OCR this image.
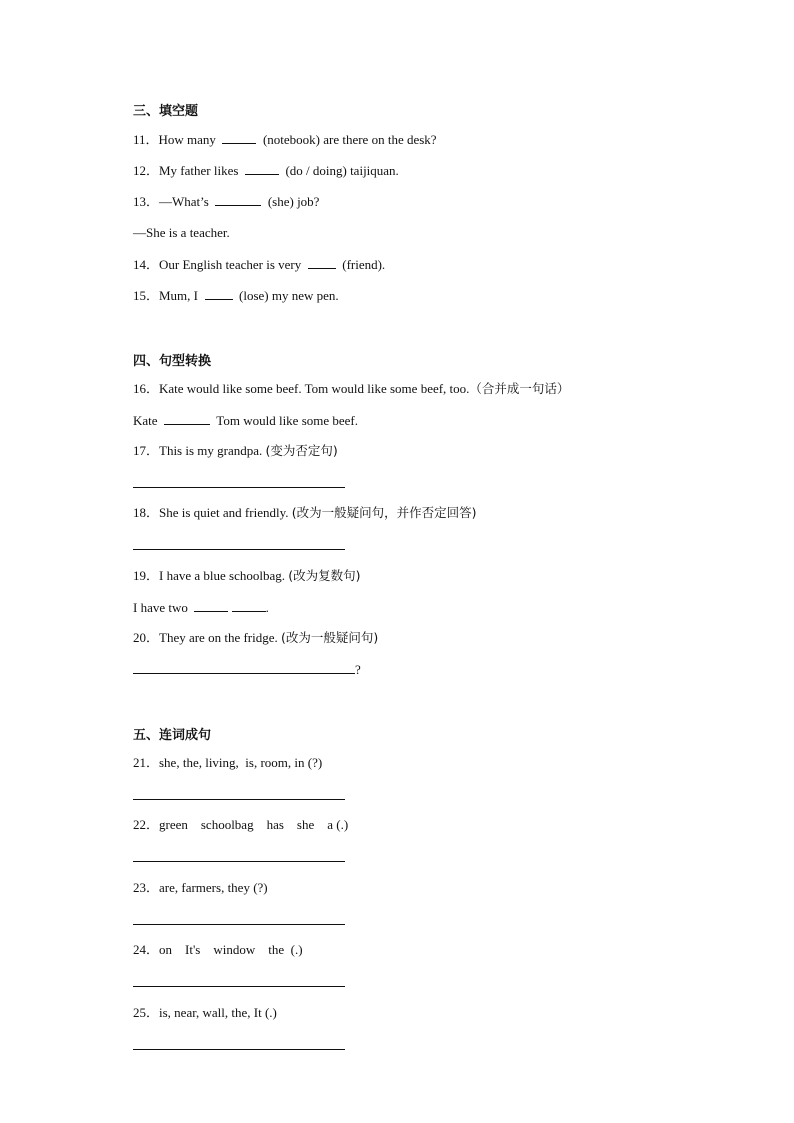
三、填空题
11．How many	(notebook) are there on the desk?
12．My father likes	(do / doing) taijiquan.
13．—What’s	(she) job?
—She is a teacher.
14．Our English teacher is very	(friend).
15．Mum, I	(lose) my new pen.
四、句型转换
16．Kate would like some beef. Tom would like some beef, too.（合并成一句话）
Kate	Tom would like some beef.
17．This is my grandpa. (变为否定句)
18．She is quiet and friendly. (改为一般疑问句，并作否定回答)
19．I have a blue schoolbag. (改为复数句)
I have two	.
20．They are on the fridge. (改为一般疑问句)
?
五、连词成句
21．she, the, living,  is, room, in (?)
22．green    schoolbag    has    she    a (.)
23．are, farmers, they (?)
24．on    It's    window    the  (.)
25．is, near, wall, the, It (.)
